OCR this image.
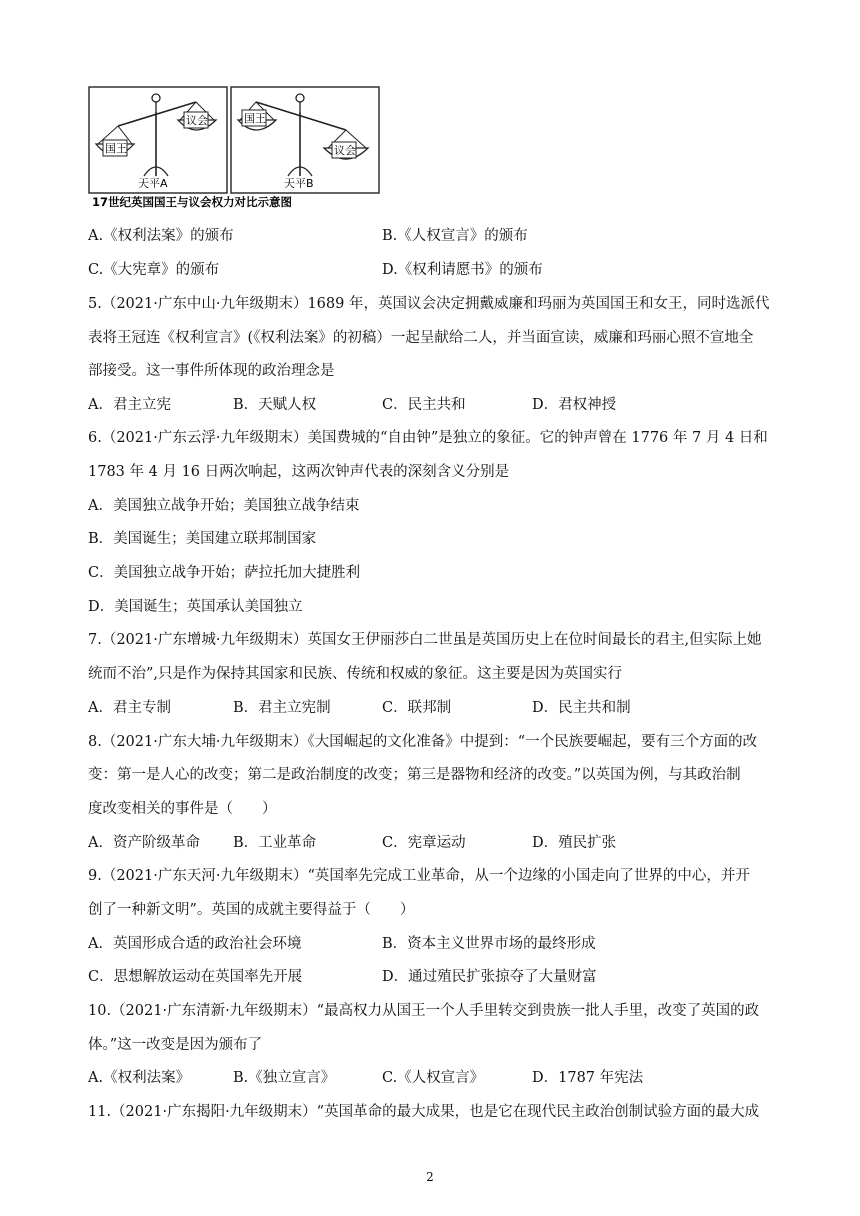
国王
议会	国王
议会
天平A	天平B
17世纪英国国王与议会权力对比示意图
A.《权利法案》的颁布	B.《人权宣言》的颁布
C.《大宪章》的颁布	D.《权利请愿书》的颁布
5.（2021·广东中山·九年级期末）1689 年，英国议会决定拥戴威廉和玛丽为英国国王和女王，同时选派代
表将王冠连《权利宣言》(《权利法案》的初稿）一起呈献给二人，并当面宣读，威廉和玛丽心照不宣地全
部接受。这一事件所体现的政治理念是
A．君主立宪	B．天赋人权	C．民主共和	D．君权神授
6.（2021·广东云浮·九年级期末）美国费城的“自由钟”是独立的象征。它的钟声曾在 1776 年 7 月 4 日和
1783 年 4 月 16 日两次响起，这两次钟声代表的深刻含义分别是
A．美国独立战争开始；美国独立战争结束
B．美国诞生；美国建立联邦制国家
C．美国独立战争开始；萨拉托加大捷胜利
D．美国诞生；英国承认美国独立
7.（2021·广东增城·九年级期末）英国女王伊丽莎白二世虽是英国历史上在位时间最长的君主,但实际上她
统而不治”,只是作为保持其国家和民族、传统和权威的象征。这主要是因为英国实行
A．君主专制	B．君主立宪制	C．联邦制	D．民主共和制
8.（2021·广东大埔·九年级期末）《大国崛起的文化准备》中提到：“一个民族要崛起，要有三个方面的改
变：第一是人心的改变；第二是政治制度的改变；第三是器物和经济的改变。”以英国为例，与其政治制
度改变相关的事件是（　　）
A．资产阶级革命 B．工业革命	C．宪章运动	D．殖民扩张
9.（2021·广东天河·九年级期末）“英国率先完成工业革命，从一个边缘的小国走向了世界的中心，并开
创了一种新文明”。英国的成就主要得益于（　　）
A．英国形成合适的政治社会环境	B．资本主义世界市场的最终形成
C．思想解放运动在英国率先开展	D．通过殖民扩张掠夺了大量财富
10.（2021·广东清新·九年级期末）“最高权力从国王一个人手里转交到贵族一批人手里，改变了英国的政
体。”这一改变是因为颁布了
A.《权利法案》	B.《独立宣言》	C.《人权宣言》	D．1787 年宪法
11.（2021·广东揭阳·九年级期末）“英国革命的最大成果，也是它在现代民主政治创制试验方面的最大成
2
